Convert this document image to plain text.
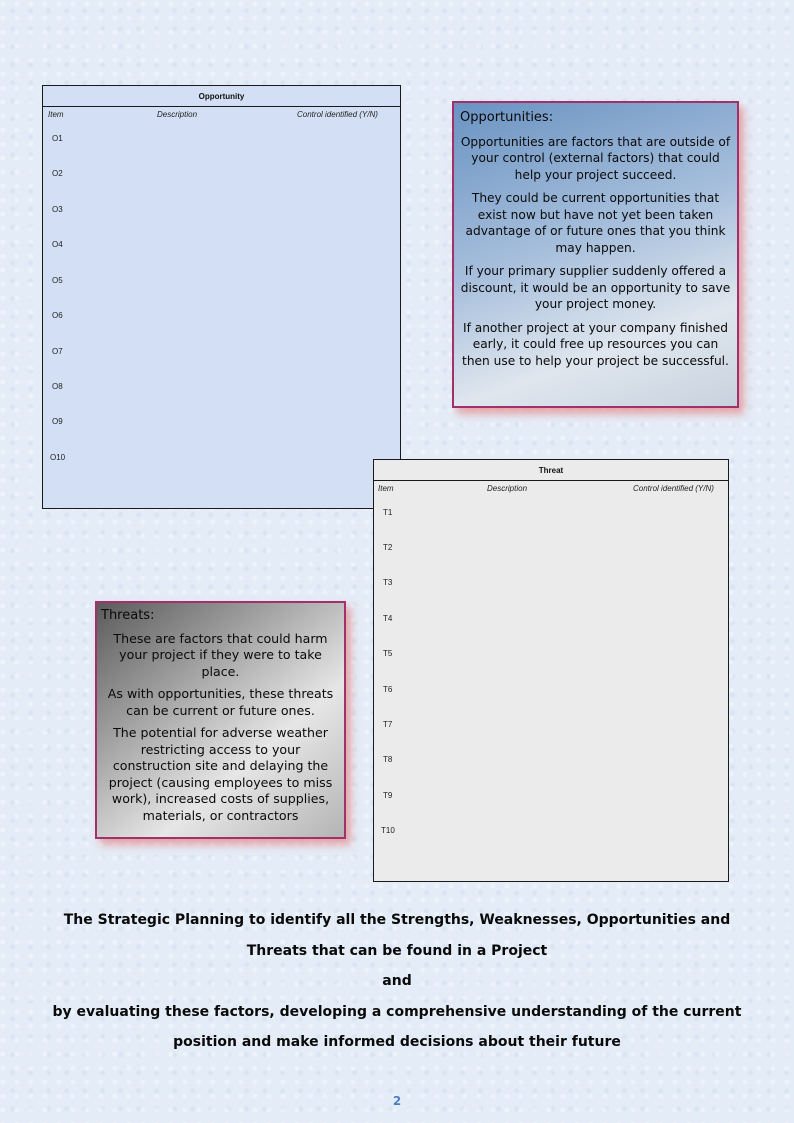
Opportunity
Item	Description	Control identified (Y/N)
O1
O2
O3
O4
O5
O6
O7
O8
O9
O10
Opportunities:

Opportunities are factors that are outside of your control (external factors) that could help your project succeed.

They could be current opportunities that exist now but have not yet been taken advantage of or future ones that you think may happen.

If your primary supplier suddenly offered a discount, it would be an opportunity to save your project money.

If another project at your company finished early, it could free up resources you can then use to help your project be successful.

Threat
Item	Description	Control identified (Y/N)
T1
T2
T3
T4
T5
T6
T7
T8
T9
T10
Threats:

These are factors that could harm your project if they were to take place.

As with opportunities, these threats can be current or future ones.

The potential for adverse weather restricting access to your construction site and delaying the project (causing employees to miss work), increased costs of supplies, materials, or contractors

The Strategic Planning to identify all the Strengths, Weaknesses, Opportunities and
Threats that can be found in a Project
and
by evaluating these factors, developing a comprehensive understanding of the current
position and make informed decisions about their future
2
